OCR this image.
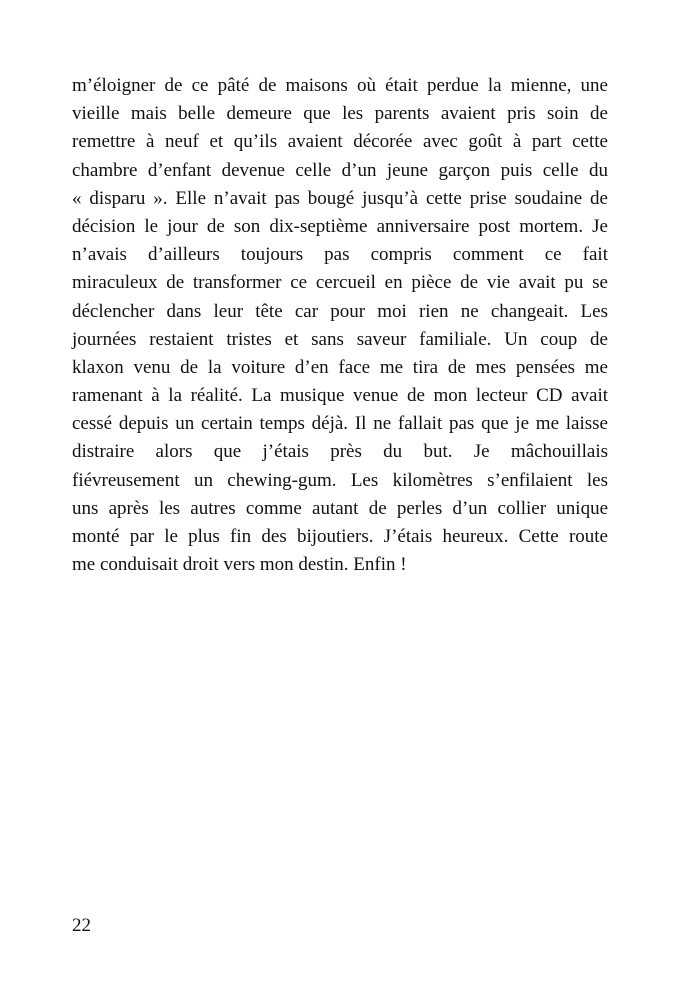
m’éloigner de ce pâté de maisons où était perdue la mienne, une
vieille mais belle demeure que les parents avaient pris soin de
remettre à neuf et qu’ils avaient décorée avec goût à part cette
chambre d’enfant devenue celle d’un jeune garçon puis celle du
« disparu ». Elle n’avait pas bougé jusqu’à cette prise soudaine de
décision le jour de son dix-septième anniversaire post mortem. Je
n’avais d’ailleurs toujours pas compris comment ce fait
miraculeux de transformer ce cercueil en pièce de vie avait pu se
déclencher dans leur tête car pour moi rien ne changeait. Les
journées restaient tristes et sans saveur familiale. Un coup de
klaxon venu de la voiture d’en face me tira de mes pensées me
ramenant à la réalité. La musique venue de mon lecteur CD avait
cessé depuis un certain temps déjà. Il ne fallait pas que je me laisse
distraire alors que j’étais près du but. Je mâchouillais
fiévreusement un chewing-gum. Les kilomètres s’enfilaient les
uns après les autres comme autant de perles d’un collier unique
monté par le plus fin des bijoutiers. J’étais heureux. Cette route
me conduisait droit vers mon destin. Enfin !

22
